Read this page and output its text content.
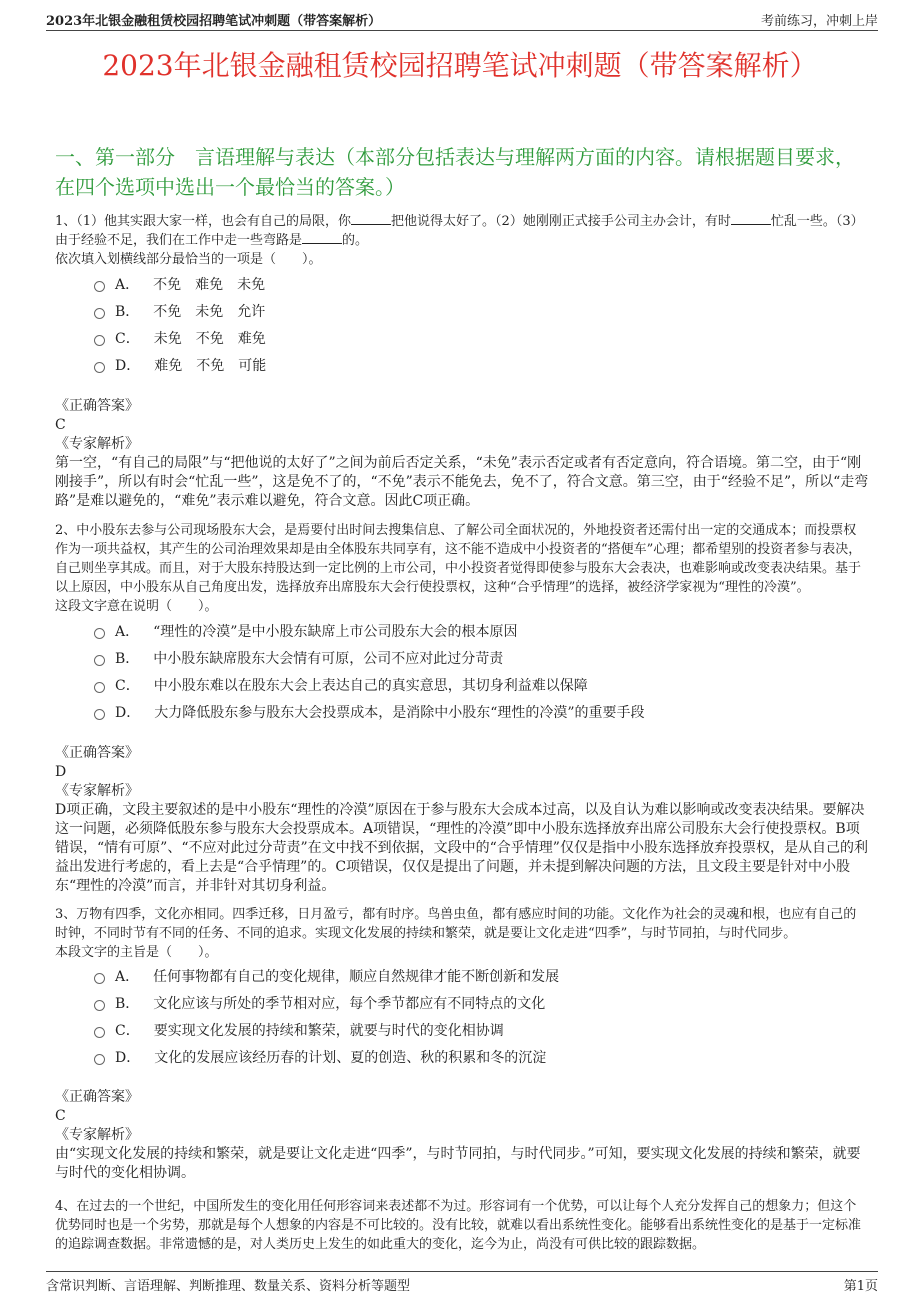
2023年北银金融租赁校园招聘笔试冲刺题（带答案解析）	考前练习，冲刺上岸
2023年北银金融租赁校园招聘笔试冲刺题（带答案解析）
一、第一部分　言语理解与表达（本部分包括表达与理解两方面的内容。请根据题目要求，在四个选项中选出一个最恰当的答案。）
1、（1）他其实跟大家一样，也会有自己的局限，你	把他说得太好了。（2）她刚刚正式接手公司主办会计，有时	忙乱一些。（3）由于经验不足，我们在工作中走一些弯路是	的。
依次填入划横线部分最恰当的一项是（　　）。
A． 不免　难免　未免
B． 不免　未免　允许
C． 未免　不免　难免
D． 难免　不免　可能
《正确答案》
C
《专家解析》
第一空，“有自己的局限”与“把他说的太好了”之间为前后否定关系，“未免”表示否定或者有否定意向，符合语境。第二空，由于“刚刚接手”，所以有时会“忙乱一些”，这是免不了的，“不免”表示不能免去，免不了，符合文意。第三空，由于“经验不足”，所以“走弯路”是难以避免的，“难免”表示难以避免，符合文意。因此C项正确。
2、中小股东去参与公司现场股东大会，是焉要付出时间去搜集信息、了解公司全面状况的，外地投资者还需付出一定的交通成本；而投票权作为一项共益权，其产生的公司治理效果却是由全体股东共同享有，这不能不造成中小投资者的“搭便车”心理；都希望别的投资者参与表决，自己则坐享其成。而且，对于大股东持股达到一定比例的上市公司，中小投资者觉得即使参与股东大会表决，也难影响或改变表决结果。基于以上原因，中小股东从自己角度出发，选择放弃出席股东大会行使投票权，这种“合乎情理”的选择，被经济学家视为“理性的冷漠”。
这段文字意在说明（　　）。
A． “理性的冷漠”是中小股东缺席上市公司股东大会的根本原因
B． 中小股东缺席股东大会情有可原，公司不应对此过分苛责
C． 中小股东难以在股东大会上表达自己的真实意思，其切身利益难以保障
D． 大力降低股东参与股东大会投票成本，是消除中小股东“理性的冷漠”的重要手段
《正确答案》
D
《专家解析》
D项正确，文段主要叙述的是中小股东“理性的冷漠”原因在于参与股东大会成本过高，以及自认为难以影响或改变表决结果。要解决这一问题，必须降低股东参与股东大会投票成本。A项错误，“理性的冷漠”即中小股东选择放弃出席公司股东大会行使投票权。B项错误，“情有可原”、“不应对此过分苛责”在文中找不到依据，文段中的“合乎情理”仅仅是指中小股东选择放弃投票权，是从自己的利益出发进行考虑的，看上去是“合乎情理”的。C项错误，仅仅是提出了问题，并未提到解决问题的方法，且文段主要是针对中小股东“理性的冷漠”而言，并非针对其切身利益。
3、万物有四季，文化亦相同。四季迁移，日月盈亏，都有时序。鸟兽虫鱼，都有感应时间的功能。文化作为社会的灵魂和根，也应有自己的时钟，不同时节有不同的任务、不同的追求。实现文化发展的持续和繁荣，就是要让文化走进“四季”，与时节同拍，与时代同步。
本段文字的主旨是（　　）。
A． 任何事物都有自己的变化规律，顺应自然规律才能不断创新和发展
B． 文化应该与所处的季节相对应，每个季节都应有不同特点的文化
C． 要实现文化发展的持续和繁荣，就要与时代的变化相协调
D． 文化的发展应该经历春的计划、夏的创造、秋的积累和冬的沉淀
《正确答案》
C
《专家解析》
由“实现文化发展的持续和繁荣，就是要让文化走进“四季”，与时节同拍，与时代同步。”可知，要实现文化发展的持续和繁荣，就要与时代的变化相协调。
4、在过去的一个世纪，中国所发生的变化用任何形容词来表述都不为过。形容词有一个优势，可以让每个人充分发挥自己的想象力；但这个优势同时也是一个劣势，那就是每个人想象的内容是不可比较的。没有比较，就难以看出系统性变化。能够看出系统性变化的是基于一定标准的追踪调查数据。非常遗憾的是，对人类历史上发生的如此重大的变化，迄今为止，尚没有可供比较的跟踪数据。
含常识判断、言语理解、判断推理、数量关系、资料分析等题型	第1页
